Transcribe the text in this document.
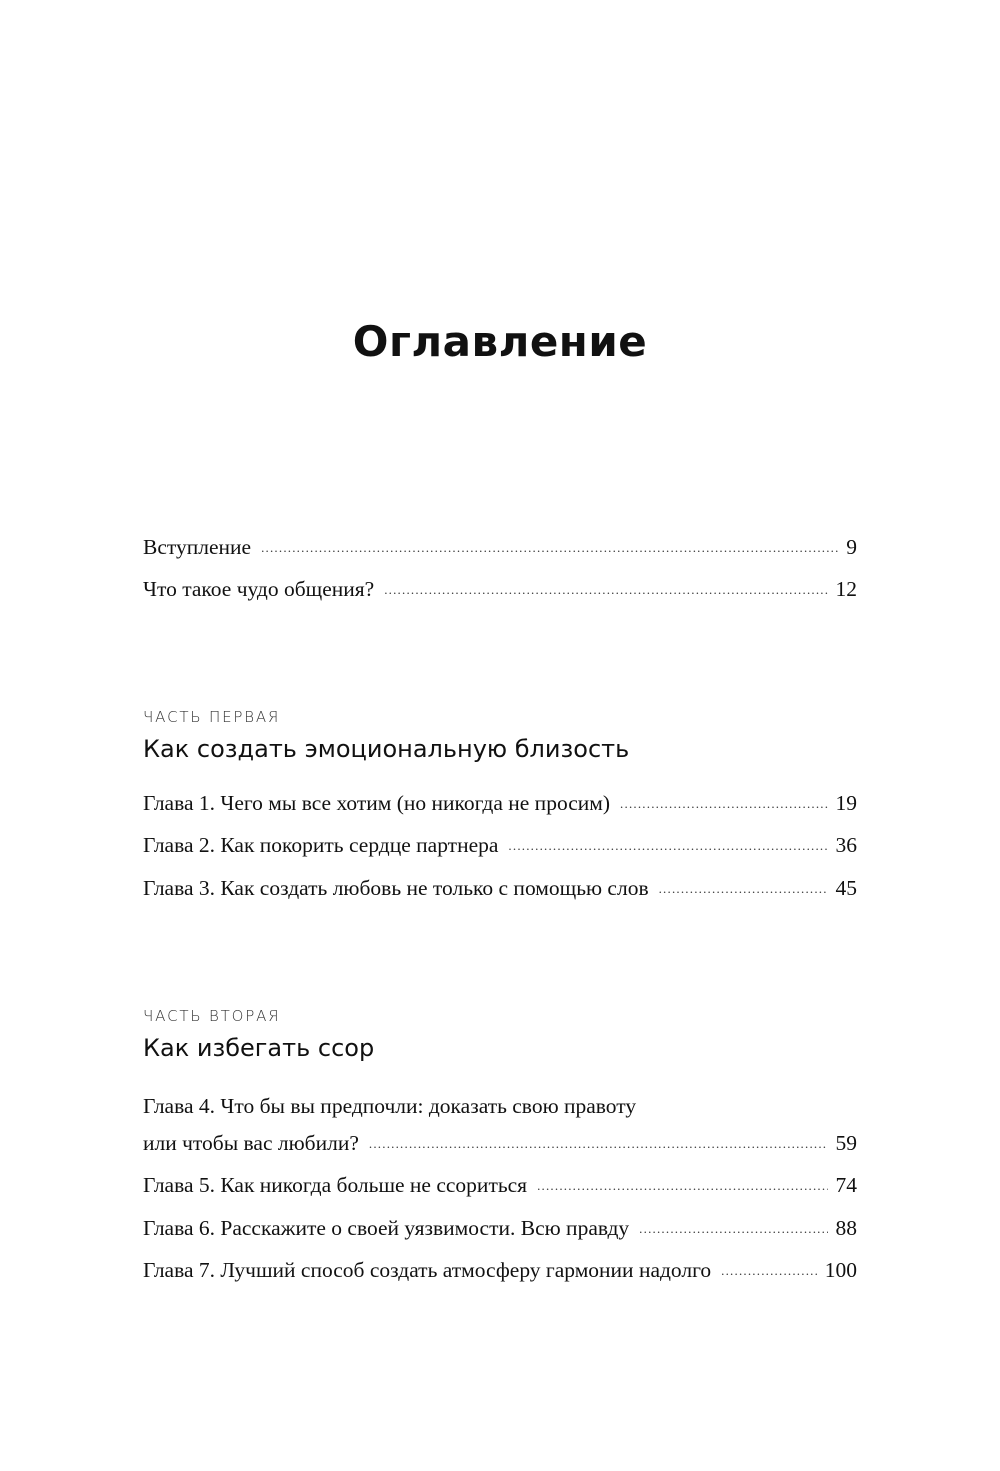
Оглавление
Вступление .....	9
Что такое чудо общения? .....	12
ЧАСТЬ ПЕРВАЯ
Как создать эмоциональную близость
Глава 1. Чего мы все хотим (но никогда не просим) .....	19
Глава 2. Как покорить сердце партнера .....	36
Глава 3. Как создать любовь не только с помощью слов .....	45
ЧАСТЬ ВТОРАЯ
Как избегать ссор
Глава 4. Что бы вы предпочли: доказать свою правоту
или чтобы вас любили? .....	59
Глава 5. Как никогда больше не ссориться .....	74
Глава 6. Расскажите о своей уязвимости. Всю правду .....	88
Глава 7. Лучший способ создать атмосферу гармонии надолго .....	100
